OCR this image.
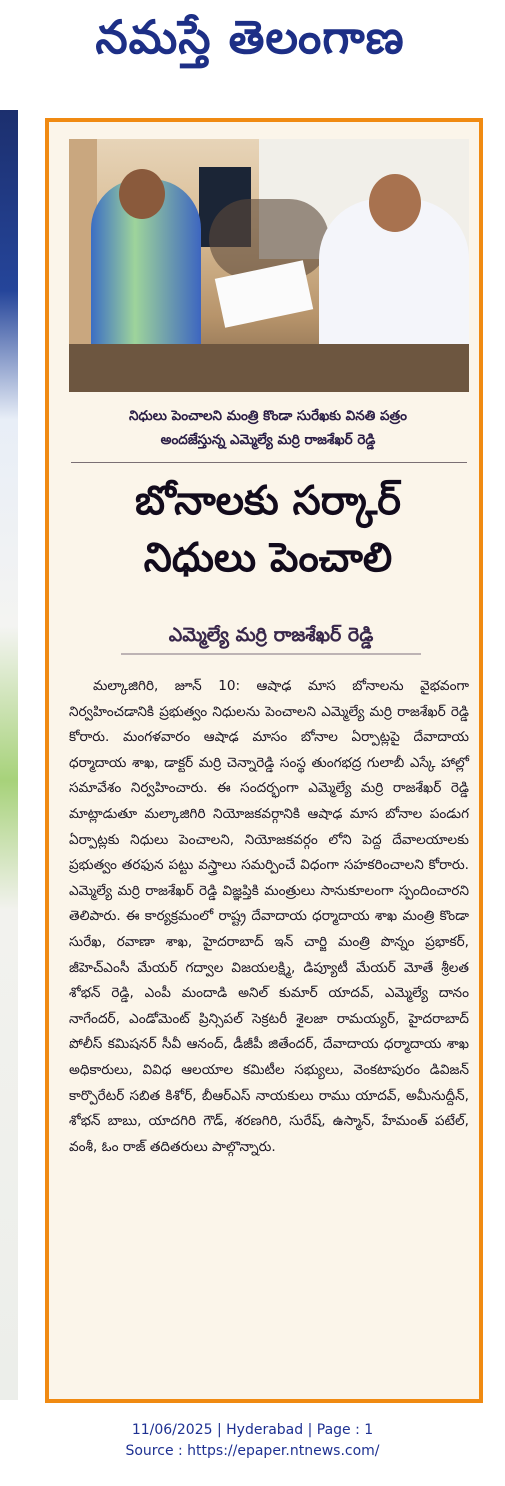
నమస్తే తెలంగాణ
నిధులు పెంచాలని మంత్రి కొండా సురేఖకు వినతి పత్రం
అందజేస్తున్న ఎమ్మెల్యే మర్రి రాజశేఖర్ రెడ్డి
బోనాలకు సర్కార్
నిధులు పెంచాలి
ఎమ్మెల్యే మర్రి రాజశేఖర్ రెడ్డి
మల్కాజిగిరి, జూన్ 10: ఆషాఢ మాస బోనాలను వైభవంగా నిర్వహించడానికి ప్రభుత్వం నిధులను పెంచాలని ఎమ్మెల్యే మర్రి రాజశేఖర్ రెడ్డి కోరారు. మంగళవారం ఆషాఢ మాసం బోనాల ఏర్పాట్లపై దేవాదాయ ధర్మాదాయ శాఖ, డాక్టర్ మర్రి చెన్నారెడ్డి సంస్థ తుంగభద్ర గులాబీ ఎస్కే హాల్లో సమావేశం నిర్వహించారు. ఈ సందర్భంగా ఎమ్మెల్యే మర్రి రాజశేఖర్ రెడ్డి మాట్లాడుతూ మల్కాజిగిరి నియోజకవర్గానికి ఆషాఢ మాస బోనాల పండుగ ఏర్పాట్లకు నిధులు పెంచాలని, నియోజకవర్గం లోని పెద్ద దేవాలయాలకు ప్రభుత్వం తరఫున పట్టు వస్త్రాలు సమర్పించే విధంగా సహకరించాలని కోరారు. ఎమ్మెల్యే మర్రి రాజశేఖర్ రెడ్డి విజ్ఞప్తికి మంత్రులు సానుకూలంగా స్పందించారని తెలిపారు. ఈ కార్యక్రమంలో రాష్ట్ర దేవాదాయ ధర్మాదాయ శాఖ మంత్రి కొండా సురేఖ, రవాణా శాఖ, హైదరాబాద్ ఇన్ చార్జి మంత్రి పొన్నం ప్రభాకర్, జీహెచ్ఎంసీ మేయర్ గద్వాల విజయలక్ష్మి, డిప్యూటీ మేయర్ మోతే శ్రీలత శోభన్ రెడ్డి, ఎంపీ మందాడి అనిల్ కుమార్ యాదవ్, ఎమ్మెల్యే దానం నాగేందర్, ఎండోమెంట్ ప్రిన్సిపల్ సెక్రటరీ శైలజా రామయ్యర్, హైదరాబాద్ పోలీస్ కమిషనర్ సీవీ ఆనంద్, డీజీపీ జితేందర్, దేవాదాయ ధర్మాదాయ శాఖ అధికారులు, వివిధ ఆలయాల కమిటీల సభ్యులు, వెంకటాపురం డివిజన్ కార్పొరేటర్ సబిత కిశోర్, బీఆర్ఎస్ నాయకులు రాము యాదవ్, అమీనుద్దీన్, శోభన్ బాబు, యాదగిరి గౌడ్, శరణగిరి, సురేష్, ఉస్మాన్, హేమంత్ పటేల్, వంశీ, ఓం రాజ్ తదితరులు పాల్గొన్నారు.
11/06/2025 | Hyderabad | Page : 1
Source : https://epaper.ntnews.com/
